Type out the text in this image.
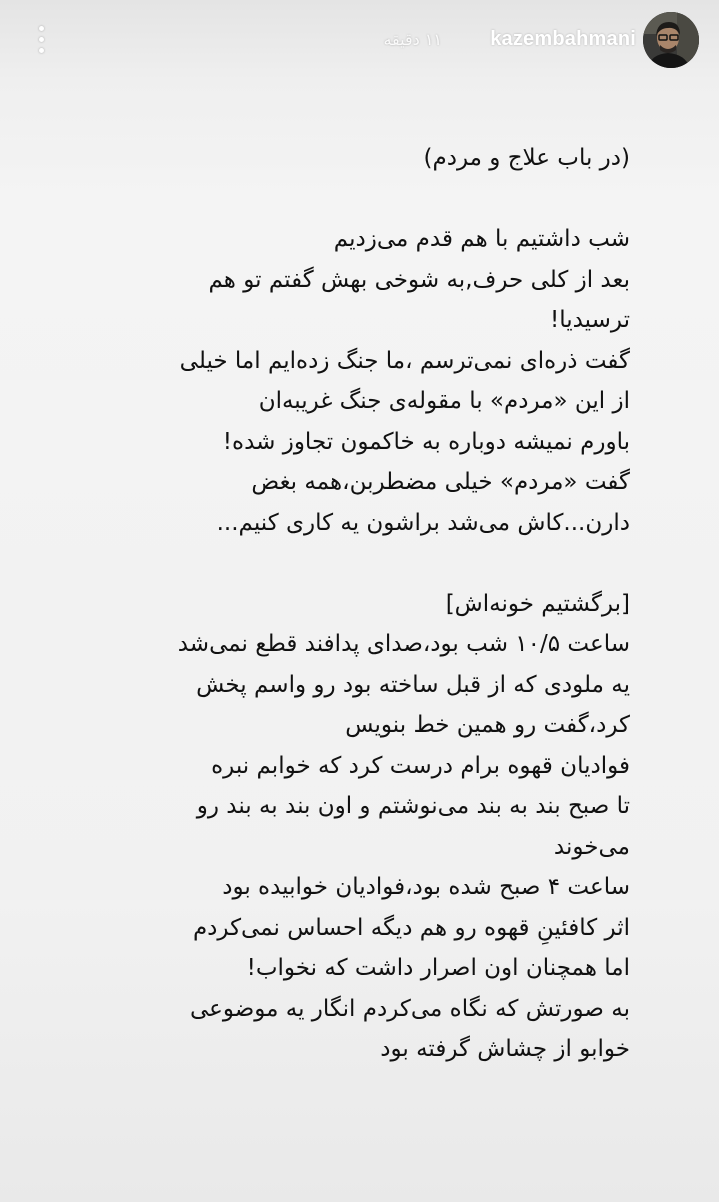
۱۱ دقیقه kazembahmani
(در باب علاج و مردم)
شب داشتیم با هم قدم می‌زدیم
بعد از کلی حرف,به شوخی بهش گفتم تو هم
ترسیدیا!
گفت ذره‌ای نمی‌ترسم ،ما جنگ زده‌ایم اما خیلی
از این «مردم» با مقوله‌ی جنگ غریبه‌ان
باورم نمیشه دوباره به خاکمون تجاوز شده!
گفت «مردم» خیلی مضطربن،همه بغض
دارن...کاش می‌شد براشون یه کاری کنیم...
[برگشتیم خونه‌اش]
ساعت ۱۰/۵ شب بود،صدای پدافند قطع نمی‌شد
یه ملودی که از قبل ساخته بود رو واسم پخش
کرد،گفت رو همین خط بنویس
فوادیان قهوه برام درست کرد که خوابم نبره
تا صبح بند به بند می‌نوشتم و اون بند به بند رو
می‌خوند
ساعت ۴ صبح شده بود،فوادیان خوابیده بود
اثر کافئینِ قهوه رو هم دیگه احساس نمی‌کردم
اما همچنان اون اصرار داشت که نخواب!
به صورتش که نگاه می‌کردم انگار یه موضوعی
خوابو از چشاش گرفته بود
